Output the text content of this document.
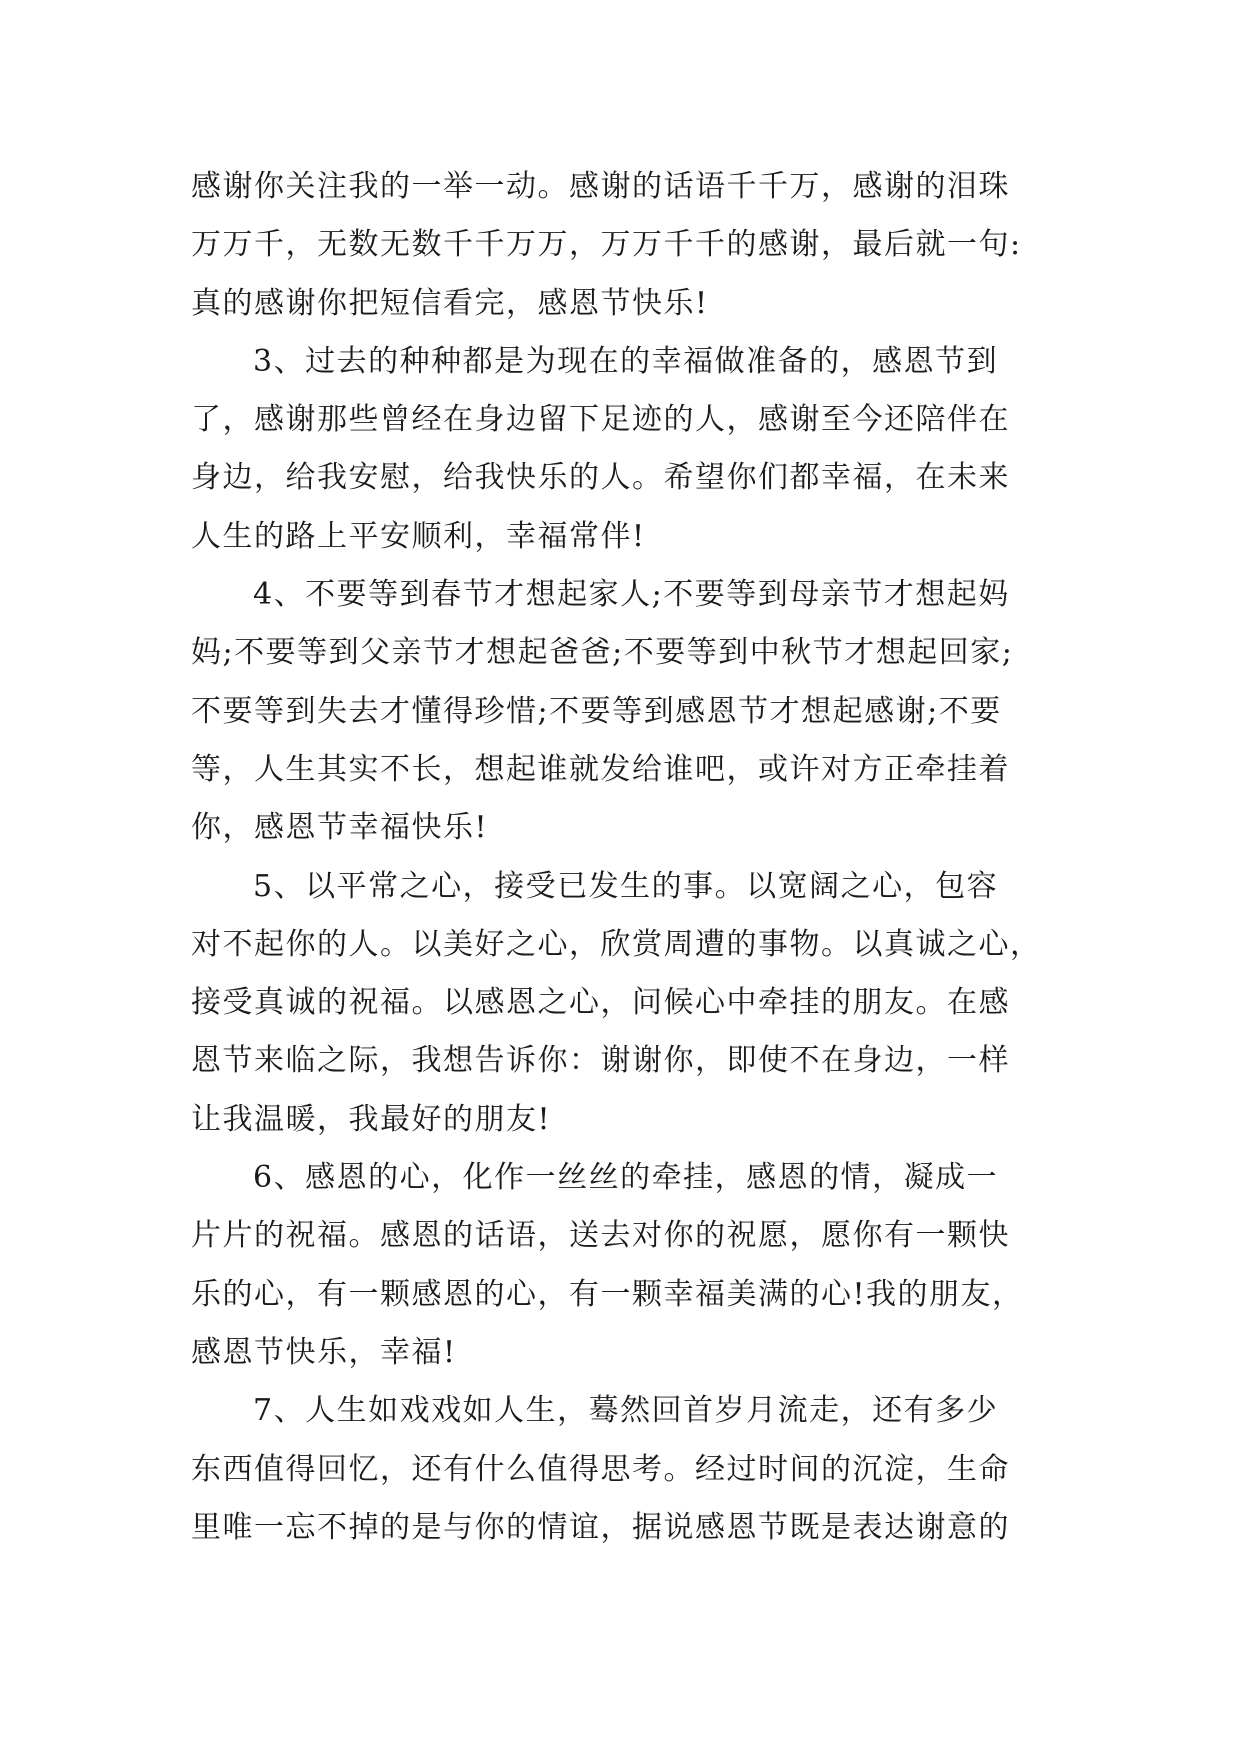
感谢你关注我的一举一动。感谢的话语千千万，感谢的泪珠
万万千，无数无数千千万万，万万千千的感谢，最后就一句:
真的感谢你把短信看完，感恩节快乐!
3、过去的种种都是为现在的幸福做准备的，感恩节到
了，感谢那些曾经在身边留下足迹的人，感谢至今还陪伴在
身边，给我安慰，给我快乐的人。希望你们都幸福，在未来
人生的路上平安顺利，幸福常伴!
4、不要等到春节才想起家人;不要等到母亲节才想起妈
妈;不要等到父亲节才想起爸爸;不要等到中秋节才想起回家;
不要等到失去才懂得珍惜;不要等到感恩节才想起感谢;不要
等，人生其实不长，想起谁就发给谁吧，或许对方正牵挂着
你，感恩节幸福快乐!
5、以平常之心，接受已发生的事。以宽阔之心，包容
对不起你的人。以美好之心，欣赏周遭的事物。以真诚之心，
接受真诚的祝福。以感恩之心，问候心中牵挂的朋友。在感
恩节来临之际，我想告诉你：谢谢你，即使不在身边，一样
让我温暖，我最好的朋友!
6、感恩的心，化作一丝丝的牵挂，感恩的情，凝成一
片片的祝福。感恩的话语，送去对你的祝愿，愿你有一颗快
乐的心，有一颗感恩的心，有一颗幸福美满的心!我的朋友，
感恩节快乐，幸福!
7、人生如戏戏如人生，蓦然回首岁月流走，还有多少
东西值得回忆，还有什么值得思考。经过时间的沉淀，生命
里唯一忘不掉的是与你的情谊，据说感恩节既是表达谢意的
